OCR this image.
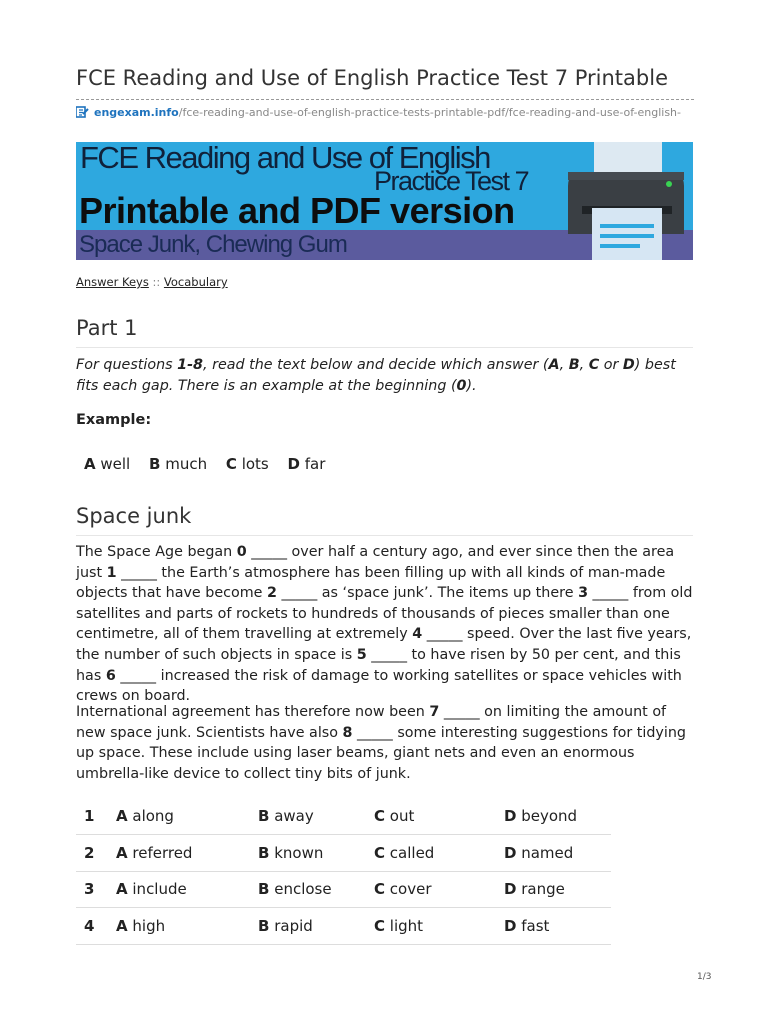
FCE Reading and Use of English Practice Test 7 Printable
engexam.info/fce-reading-and-use-of-english-practice-tests-printable-pdf/fce-reading-and-use-of-english-
FCE Reading and Use of English
Practice Test 7
Printable and PDF version
Space Junk, Chewing Gum
Answer Keys :: Vocabulary
Part 1
For questions 1-8, read the text below and decide which answer (A, B, C or D) best fits each gap. There is an example at the beginning (0).
Example:
A well B much C lots D far
Space junk
The Space Age began 0 _____ over half a century ago, and ever since then the area just 1 _____ the Earth’s atmosphere has been filling up with all kinds of man-made objects that have become 2 _____ as ‘space junk’. The items up there 3 _____ from old satellites and parts of rockets to hundreds of thousands of pieces smaller than one centimetre, all of them travelling at extremely 4 _____ speed. Over the last five years, the number of such objects in space is 5 _____ to have risen by 50 per cent, and this has 6 _____ increased the risk of damage to working satellites or space vehicles with crews on board.
International agreement has therefore now been 7 _____ on limiting the amount of new space junk. Scientists have also 8 _____ some interesting suggestions for tidying up space. These include using laser beams, giant nets and even an enormous umbrella-like device to collect tiny bits of junk.
1	A along	B away	C out	D beyond
2	A referred	B known	C called	D named
3	A include	B enclose	C cover	D range
4	A high	B rapid	C light	D fast
1/3
